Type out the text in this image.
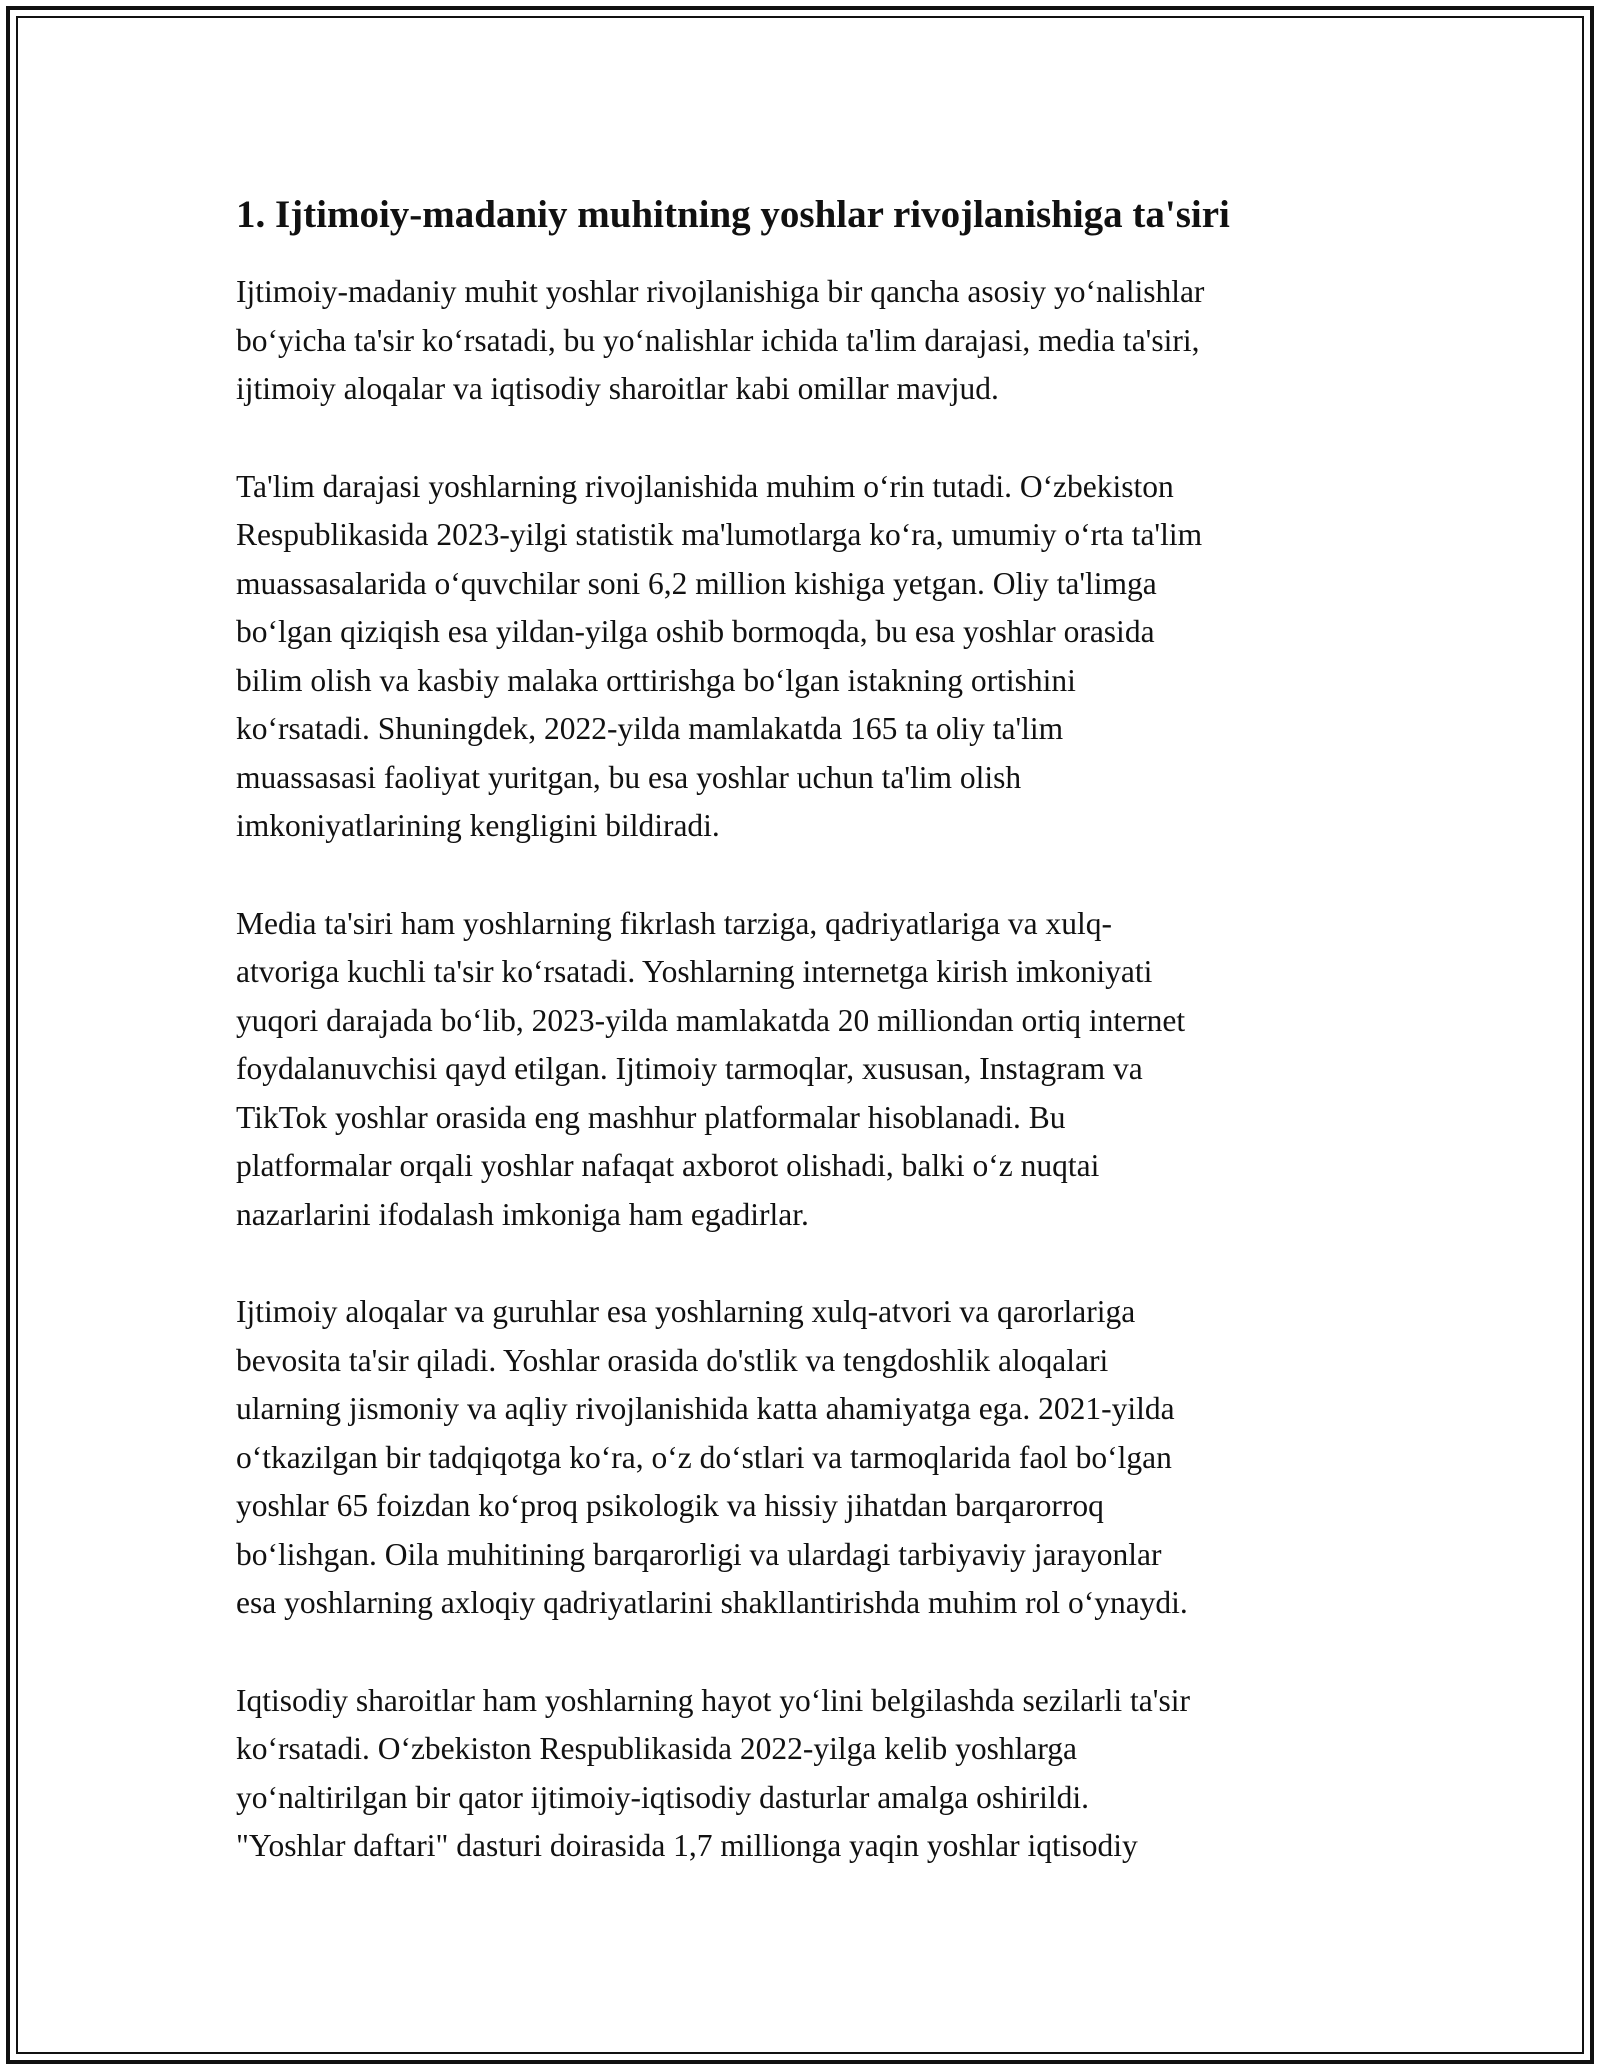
1. Ijtimoiy-madaniy muhitning yoshlar rivojlanishiga ta'siri

Ijtimoiy-madaniy muhit yoshlar rivojlanishiga bir qancha asosiy yoʻnalishlar
boʻyicha ta'sir koʻrsatadi, bu yoʻnalishlar ichida ta'lim darajasi, media ta'siri,
ijtimoiy aloqalar va iqtisodiy sharoitlar kabi omillar mavjud.

Ta'lim darajasi yoshlarning rivojlanishida muhim oʻrin tutadi. Oʻzbekiston
Respublikasida 2023-yilgi statistik ma'lumotlarga koʻra, umumiy oʻrta ta'lim
muassasalarida oʻquvchilar soni 6,2 million kishiga yetgan. Oliy ta'limga
boʻlgan qiziqish esa yildan-yilga oshib bormoqda, bu esa yoshlar orasida
bilim olish va kasbiy malaka orttirishga boʻlgan istakning ortishini
koʻrsatadi. Shuningdek, 2022-yilda mamlakatda 165 ta oliy ta'lim
muassasasi faoliyat yuritgan, bu esa yoshlar uchun ta'lim olish
imkoniyatlarining kengligini bildiradi.

Media ta'siri ham yoshlarning fikrlash tarziga, qadriyatlariga va xulq-
atvoriga kuchli ta'sir koʻrsatadi. Yoshlarning internetga kirish imkoniyati
yuqori darajada boʻlib, 2023-yilda mamlakatda 20 milliondan ortiq internet
foydalanuvchisi qayd etilgan. Ijtimoiy tarmoqlar, xususan, Instagram va
TikTok yoshlar orasida eng mashhur platformalar hisoblanadi. Bu
platformalar orqali yoshlar nafaqat axborot olishadi, balki oʻz nuqtai
nazarlarini ifodalash imkoniga ham egadirlar.

Ijtimoiy aloqalar va guruhlar esa yoshlarning xulq-atvori va qarorlariga
bevosita ta'sir qiladi. Yoshlar orasida do'stlik va tengdoshlik aloqalari
ularning jismoniy va aqliy rivojlanishida katta ahamiyatga ega. 2021-yilda
oʻtkazilgan bir tadqiqotga koʻra, oʻz doʻstlari va tarmoqlarida faol boʻlgan
yoshlar 65 foizdan koʻproq psikologik va hissiy jihatdan barqarorroq
boʻlishgan. Oila muhitining barqarorligi va ulardagi tarbiyaviy jarayonlar
esa yoshlarning axloqiy qadriyatlarini shakllantirishda muhim rol oʻynaydi.

Iqtisodiy sharoitlar ham yoshlarning hayot yoʻlini belgilashda sezilarli ta'sir
koʻrsatadi. Oʻzbekiston Respublikasida 2022-yilga kelib yoshlarga
yoʻnaltirilgan bir qator ijtimoiy-iqtisodiy dasturlar amalga oshirildi.
"Yoshlar daftari" dasturi doirasida 1,7 millionga yaqin yoshlar iqtisodiy
